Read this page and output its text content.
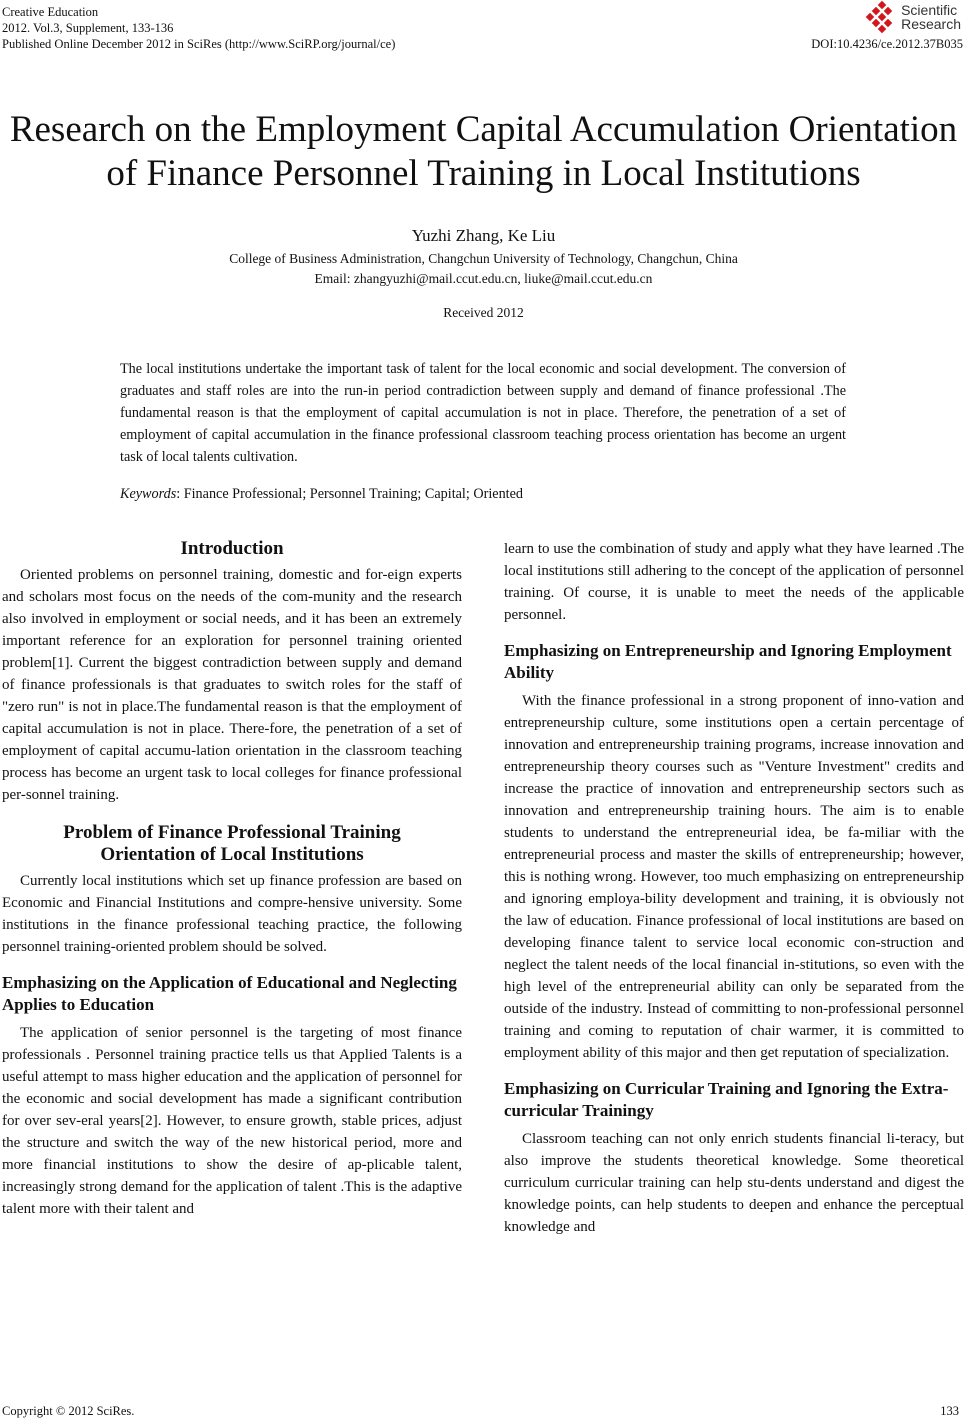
Creative Education
2012. Vol.3, Supplement, 133-136
Published Online December 2012 in SciRes (http://www.SciRP.org/journal/ce)
Scientific
Research
DOI:10.4236/ce.2012.37B035
Research on the Employment Capital Accumulation Orientation
of Finance Personnel Training in Local Institutions
Yuzhi Zhang, Ke Liu
College of Business Administration, Changchun University of Technology, Changchun, China
Email: zhangyuzhi@mail.ccut.edu.cn, liuke@mail.ccut.edu.cn
Received 2012
The local institutions undertake the important task of talent for the local economic and social development. The conversion of graduates and staff roles are into the run-in period contradiction between supply and demand of finance professional .The fundamental reason is that the employment of capital accumulation is not in place. Therefore, the penetration of a set of employment of capital accumulation in the finance professional classroom teaching process orientation has become an urgent task of local talents cultivation.
Keywords: Finance Professional; Personnel Training; Capital; Oriented
Introduction

Oriented problems on personnel training, domestic and for-eign experts and scholars most focus on the needs of the com-munity and the research also involved in employment or social needs, and it has been an extremely important reference for an exploration for personnel training oriented problem[1]. Current the biggest contradiction between supply and demand of finance professionals is that graduates to switch roles for the staff of "zero run" is not in place.The fundamental reason is that the employment of capital accumulation is not in place. There-fore, the penetration of a set of employment of capital accumu-lation orientation in the classroom teaching process has become an urgent task to local colleges for finance professional per-sonnel training.

Problem of Finance Professional Training
Orientation of Local Institutions

Currently local institutions which set up finance profession are based on Economic and Financial Institutions and compre-hensive university. Some institutions in the finance professional teaching practice, the following personnel training-oriented problem should be solved.

Emphasizing on the Application of Educational and Neglecting Applies to Education

The application of senior personnel is the targeting of most finance professionals . Personnel training practice tells us that Applied Talents is a useful attempt to mass higher education and the application of personnel for the economic and social development has made a significant contribution for over sev-eral years[2]. However, to ensure growth, stable prices, adjust the structure and switch the way of the new historical period, more and more financial institutions to show the desire of ap-plicable talent, increasingly strong demand for the application of talent .This is the adaptive talent more with their talent and

learn to use the combination of study and apply what they have learned .The local institutions still adhering to the concept of the application of personnel training. Of course, it is unable to meet the needs of the applicable personnel.

Emphasizing on Entrepreneurship and Ignoring Employment Ability

With the finance professional in a strong proponent of inno-vation and entrepreneurship culture, some institutions open a certain percentage of innovation and entrepreneurship training programs, increase innovation and entrepreneurship theory courses such as "Venture Investment" credits and increase the practice of innovation and entrepreneurship sectors such as innovation and entrepreneurship training hours. The aim is to enable students to understand the entrepreneurial idea, be fa-miliar with the entrepreneurial process and master the skills of entrepreneurship; however, this is nothing wrong. However, too much emphasizing on entrepreneurship and ignoring employa-bility development and training, it is obviously not the law of education. Finance professional of local institutions are based on developing finance talent to service local economic con-struction and neglect the talent needs of the local financial in-stitutions, so even with the high level of the entrepreneurial ability can only be separated from the outside of the industry. Instead of committing to non-professional personnel training and coming to reputation of chair warmer, it is committed to employment ability of this major and then get reputation of specialization.

Emphasizing on Curricular Training and Ignoring the Extra-curricular Trainingy

Classroom teaching can not only enrich students financial li-teracy, but also improve the students theoretical knowledge. Some theoretical curriculum curricular training can help stu-dents understand and digest the knowledge points, can help students to deepen and enhance the perceptual knowledge and

Copyright © 2012 SciRes.	133
